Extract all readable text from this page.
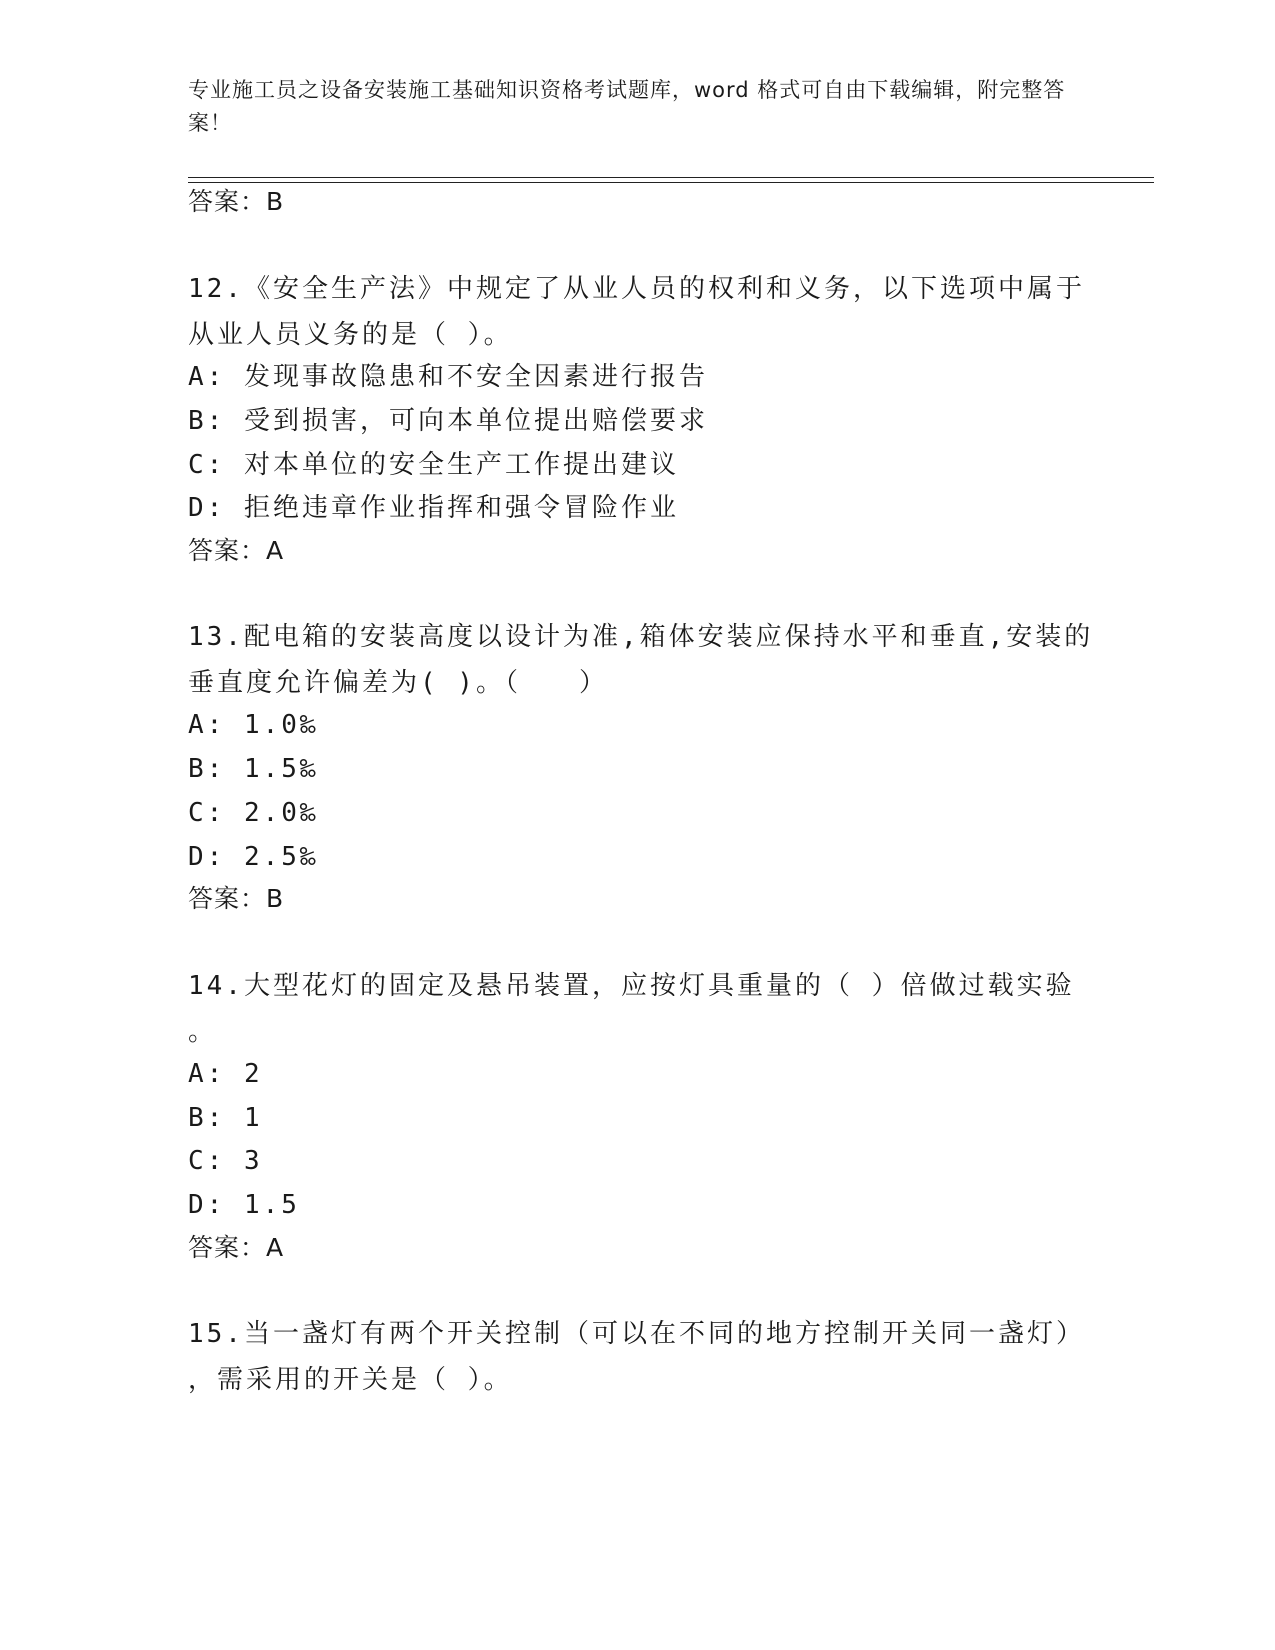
专业施工员之设备安装施工基础知识资格考试题库，word 格式可自由下载编辑，附完整答案！
答案：B
12.《安全生产法》中规定了从业人员的权利和义务，以下选项中属于
从业人员义务的是（ ）。
A: 发现事故隐患和不安全因素进行报告
B: 受到损害，可向本单位提出赔偿要求
C: 对本单位的安全生产工作提出建议
D: 拒绝违章作业指挥和强令冒险作业
答案：A
13.配电箱的安装高度以设计为准,箱体安装应保持水平和垂直,安装的
垂直度允许偏差为( )。（　　）
A: 1.0‰
B: 1.5‰
C: 2.0‰
D: 2.5‰
答案：B
14.大型花灯的固定及悬吊装置，应按灯具重量的（ ）倍做过载实验
。
A: 2
B: 1
C: 3
D: 1.5
答案：A
15.当一盏灯有两个开关控制（可以在不同的地方控制开关同一盏灯）
，需采用的开关是（ ）。
